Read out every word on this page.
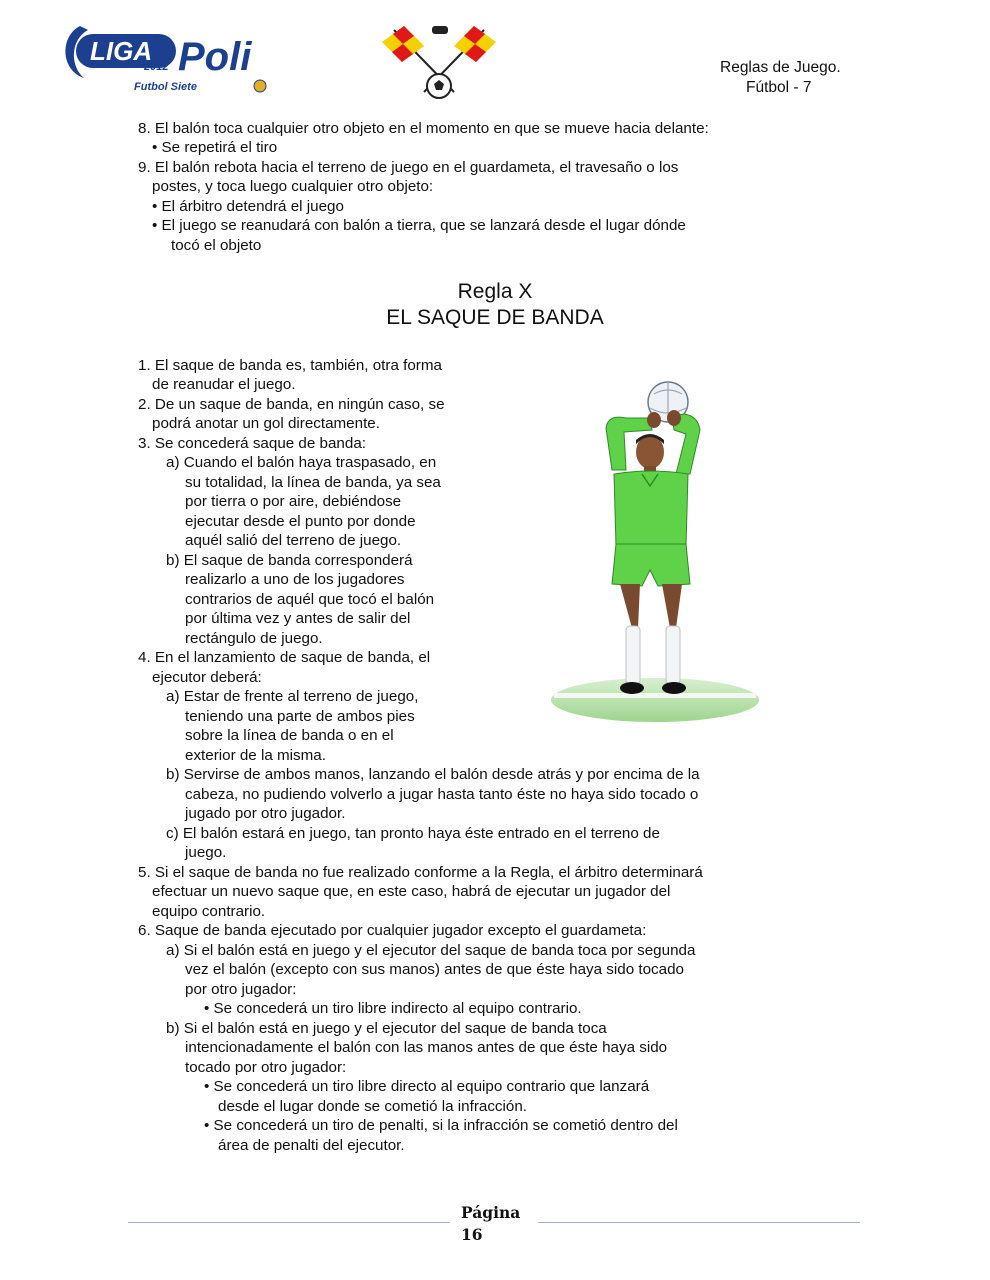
LIGA Poli
2012
Futbol Siete
Reglas de Juego.
Fútbol - 7
8. El balón toca cualquier otro objeto en el momento en que se mueve hacia delante:
• Se repetirá el tiro
9. El balón rebota hacia el terreno de juego en el guardameta, el travesaño o los
postes, y toca luego cualquier otro objeto:
• El árbitro detendrá el juego
• El juego se reanudará con balón a tierra, que se lanzará desde el lugar dónde
tocó el objeto
Regla X
EL SAQUE DE BANDA
1. El saque de banda es, también, otra forma
de reanudar el juego.
2. De un saque de banda, en ningún caso, se
podrá anotar un gol directamente.
3. Se concederá saque de banda:
a) Cuando el balón haya traspasado, en
su totalidad, la línea de banda, ya sea
por tierra o por aire, debiéndose
ejecutar desde el punto por donde
aquél salió del terreno de juego.
b) El saque de banda corresponderá
realizarlo a uno de los jugadores
contrarios de aquél que tocó el balón
por última vez y antes de salir del
rectángulo de juego.
4. En el lanzamiento de saque de banda, el
ejecutor deberá:
a) Estar de frente al terreno de juego,
teniendo una parte de ambos pies
sobre la línea de banda o en el
exterior de la misma.
b) Servirse de ambos manos, lanzando el balón desde atrás y por encima de la
cabeza, no pudiendo volverlo a jugar hasta tanto éste no haya sido tocado o
jugado por otro jugador.
c) El balón estará en juego, tan pronto haya éste entrado en el terreno de
juego.
5. Si el saque de banda no fue realizado conforme a la Regla, el árbitro determinará
efectuar un nuevo saque que, en este caso, habrá de ejecutar un jugador del
equipo contrario.
6. Saque de banda ejecutado por cualquier jugador excepto el guardameta:
a) Si el balón está en juego y el ejecutor del saque de banda toca por segunda
vez el balón (excepto con sus manos) antes de que éste haya sido tocado
por otro jugador:
• Se concederá un tiro libre indirecto al equipo contrario.
b) Si el balón está en juego y el ejecutor del saque de banda toca
intencionadamente el balón con las manos antes de que éste haya sido
tocado por otro jugador:
• Se concederá un tiro libre directo al equipo contrario que lanzará
desde el lugar donde se cometió la infracción.
• Se concederá un tiro de penalti, si la infracción se cometió dentro del
área de penalti del ejecutor.
Página
16
